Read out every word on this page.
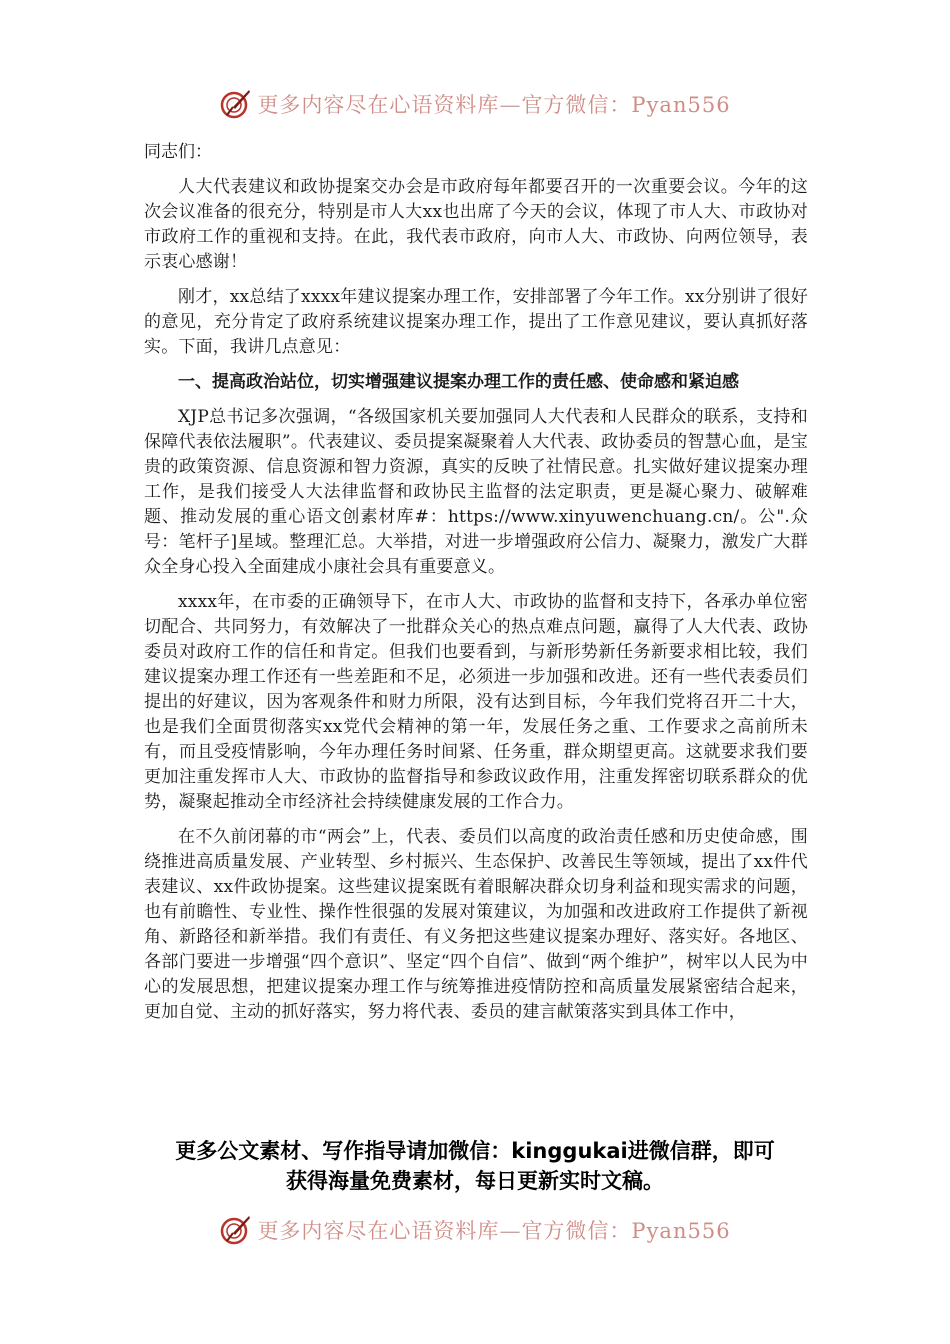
更多内容尽在心语资料库—官方微信：Pyan556

同志们：

人大代表建议和政协提案交办会是市政府每年都要召开的一次重要会议。今年的这次会议准备的很充分，特别是市人大xx也出席了今天的会议，体现了市人大、市政协对市政府工作的重视和支持。在此，我代表市政府，向市人大、市政协、向两位领导，表示衷心感谢！

刚才，xx总结了xxxx年建议提案办理工作，安排部署了今年工作。xx分别讲了很好的意见，充分肯定了政府系统建议提案办理工作，提出了工作意见建议，要认真抓好落实。下面，我讲几点意见：

一、提高政治站位，切实增强建议提案办理工作的责任感、使命感和紧迫感

XJP总书记多次强调，“各级国家机关要加强同人大代表和人民群众的联系，支持和保障代表依法履职”。代表建议、委员提案凝聚着人大代表、政协委员的智慧心血，是宝贵的政策资源、信息资源和智力资源，真实的反映了社情民意。扎实做好建议提案办理工作，是我们接受人大法律监督和政协民主监督的法定职责，更是凝心聚力、破解难题、推动发展的重心语文创素材库#：https://www.xinyuwenchuang.cn/。公".众号：笔杆子]星域。整理汇总。大举措，对进一步增强政府公信力、凝聚力，激发广大群众全身心投入全面建成小康社会具有重要意义。

xxxx年，在市委的正确领导下，在市人大、市政协的监督和支持下，各承办单位密切配合、共同努力，有效解决了一批群众关心的热点难点问题，赢得了人大代表、政协委员对政府工作的信任和肯定。但我们也要看到，与新形势新任务新要求相比较，我们建议提案办理工作还有一些差距和不足，必须进一步加强和改进。还有一些代表委员们提出的好建议，因为客观条件和财力所限，没有达到目标，今年我们党将召开二十大，也是我们全面贯彻落实xx党代会精神的第一年，发展任务之重、工作要求之高前所未有，而且受疫情影响，今年办理任务时间紧、任务重，群众期望更高。这就要求我们要更加注重发挥市人大、市政协的监督指导和参政议政作用，注重发挥密切联系群众的优势，凝聚起推动全市经济社会持续健康发展的工作合力。

在不久前闭幕的市“两会”上，代表、委员们以高度的政治责任感和历史使命感，围绕推进高质量发展、产业转型、乡村振兴、生态保护、改善民生等领域，提出了xx件代表建议、xx件政协提案。这些建议提案既有着眼解决群众切身利益和现实需求的问题，也有前瞻性、专业性、操作性很强的发展对策建议，为加强和改进政府工作提供了新视角、新路径和新举措。我们有责任、有义务把这些建议提案办理好、落实好。各地区、各部门要进一步增强“四个意识”、坚定“四个自信”、做到“两个维护”，树牢以人民为中心的发展思想，把建议提案办理工作与统筹推进疫情防控和高质量发展紧密结合起来，更加自觉、主动的抓好落实，努力将代表、委员的建言献策落实到具体工作中，

更多公文素材、写作指导请加微信：kinggukai进微信群，即可
获得海量免费素材，每日更新实时文稿。
更多内容尽在心语资料库—官方微信：Pyan556
